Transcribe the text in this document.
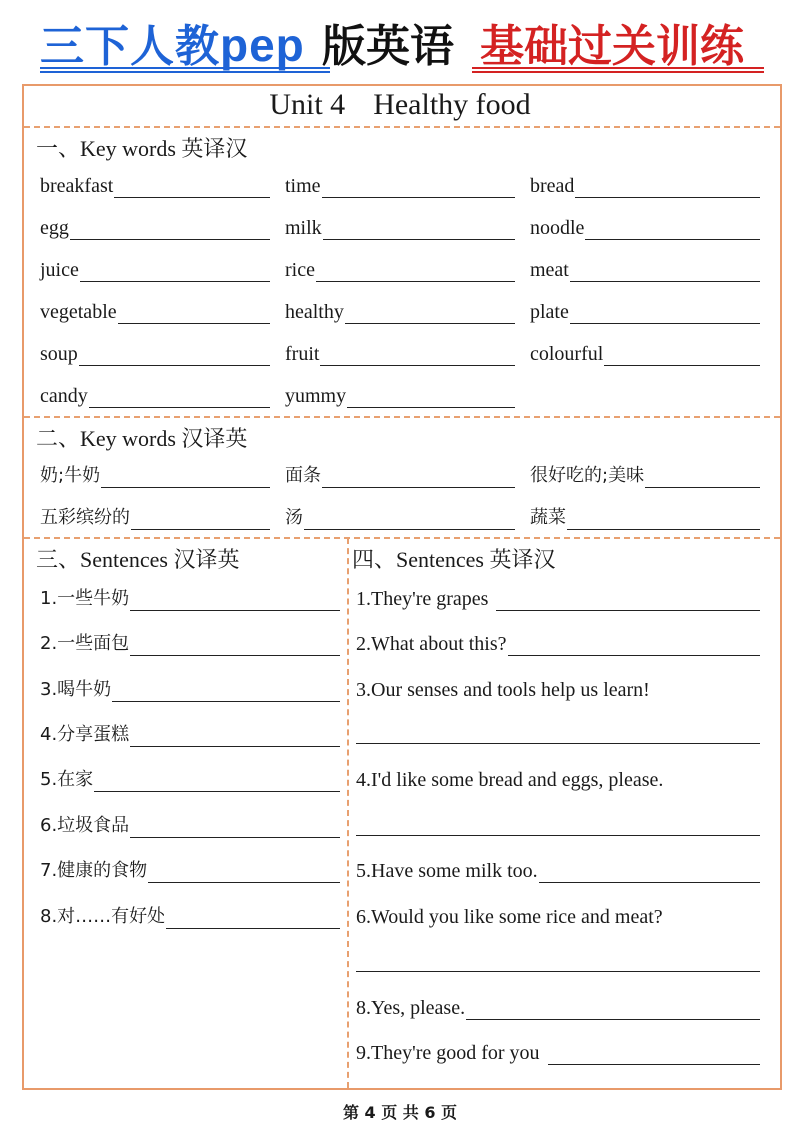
三下人教pep 版英语 基础过关训练
Unit 4 Healthy food
一、Key words 英译汉
breakfast	time	bread
egg	milk	noodle
juice	rice	meat
vegetable	healthy	plate
soup	fruit	colourful
candy	yummy
二、Key words 汉译英
奶;牛奶	面条	很好吃的;美味
五彩缤纷的	汤	蔬菜
三、Sentences 汉译英
1.一些牛奶
2.一些面包
3.喝牛奶
4.分享蛋糕
5.在家
6.垃圾食品
7.健康的食物
8.对……有好处
四、Sentences 英译汉
1.They're grapes
2.What about this?
3.Our senses and tools help us learn!
4.I'd like some bread and eggs, please.
5.Have some milk too.
6.Would you like some rice and meat?
8.Yes, please.
9.They're good for you
第 4 页 共 6 页
